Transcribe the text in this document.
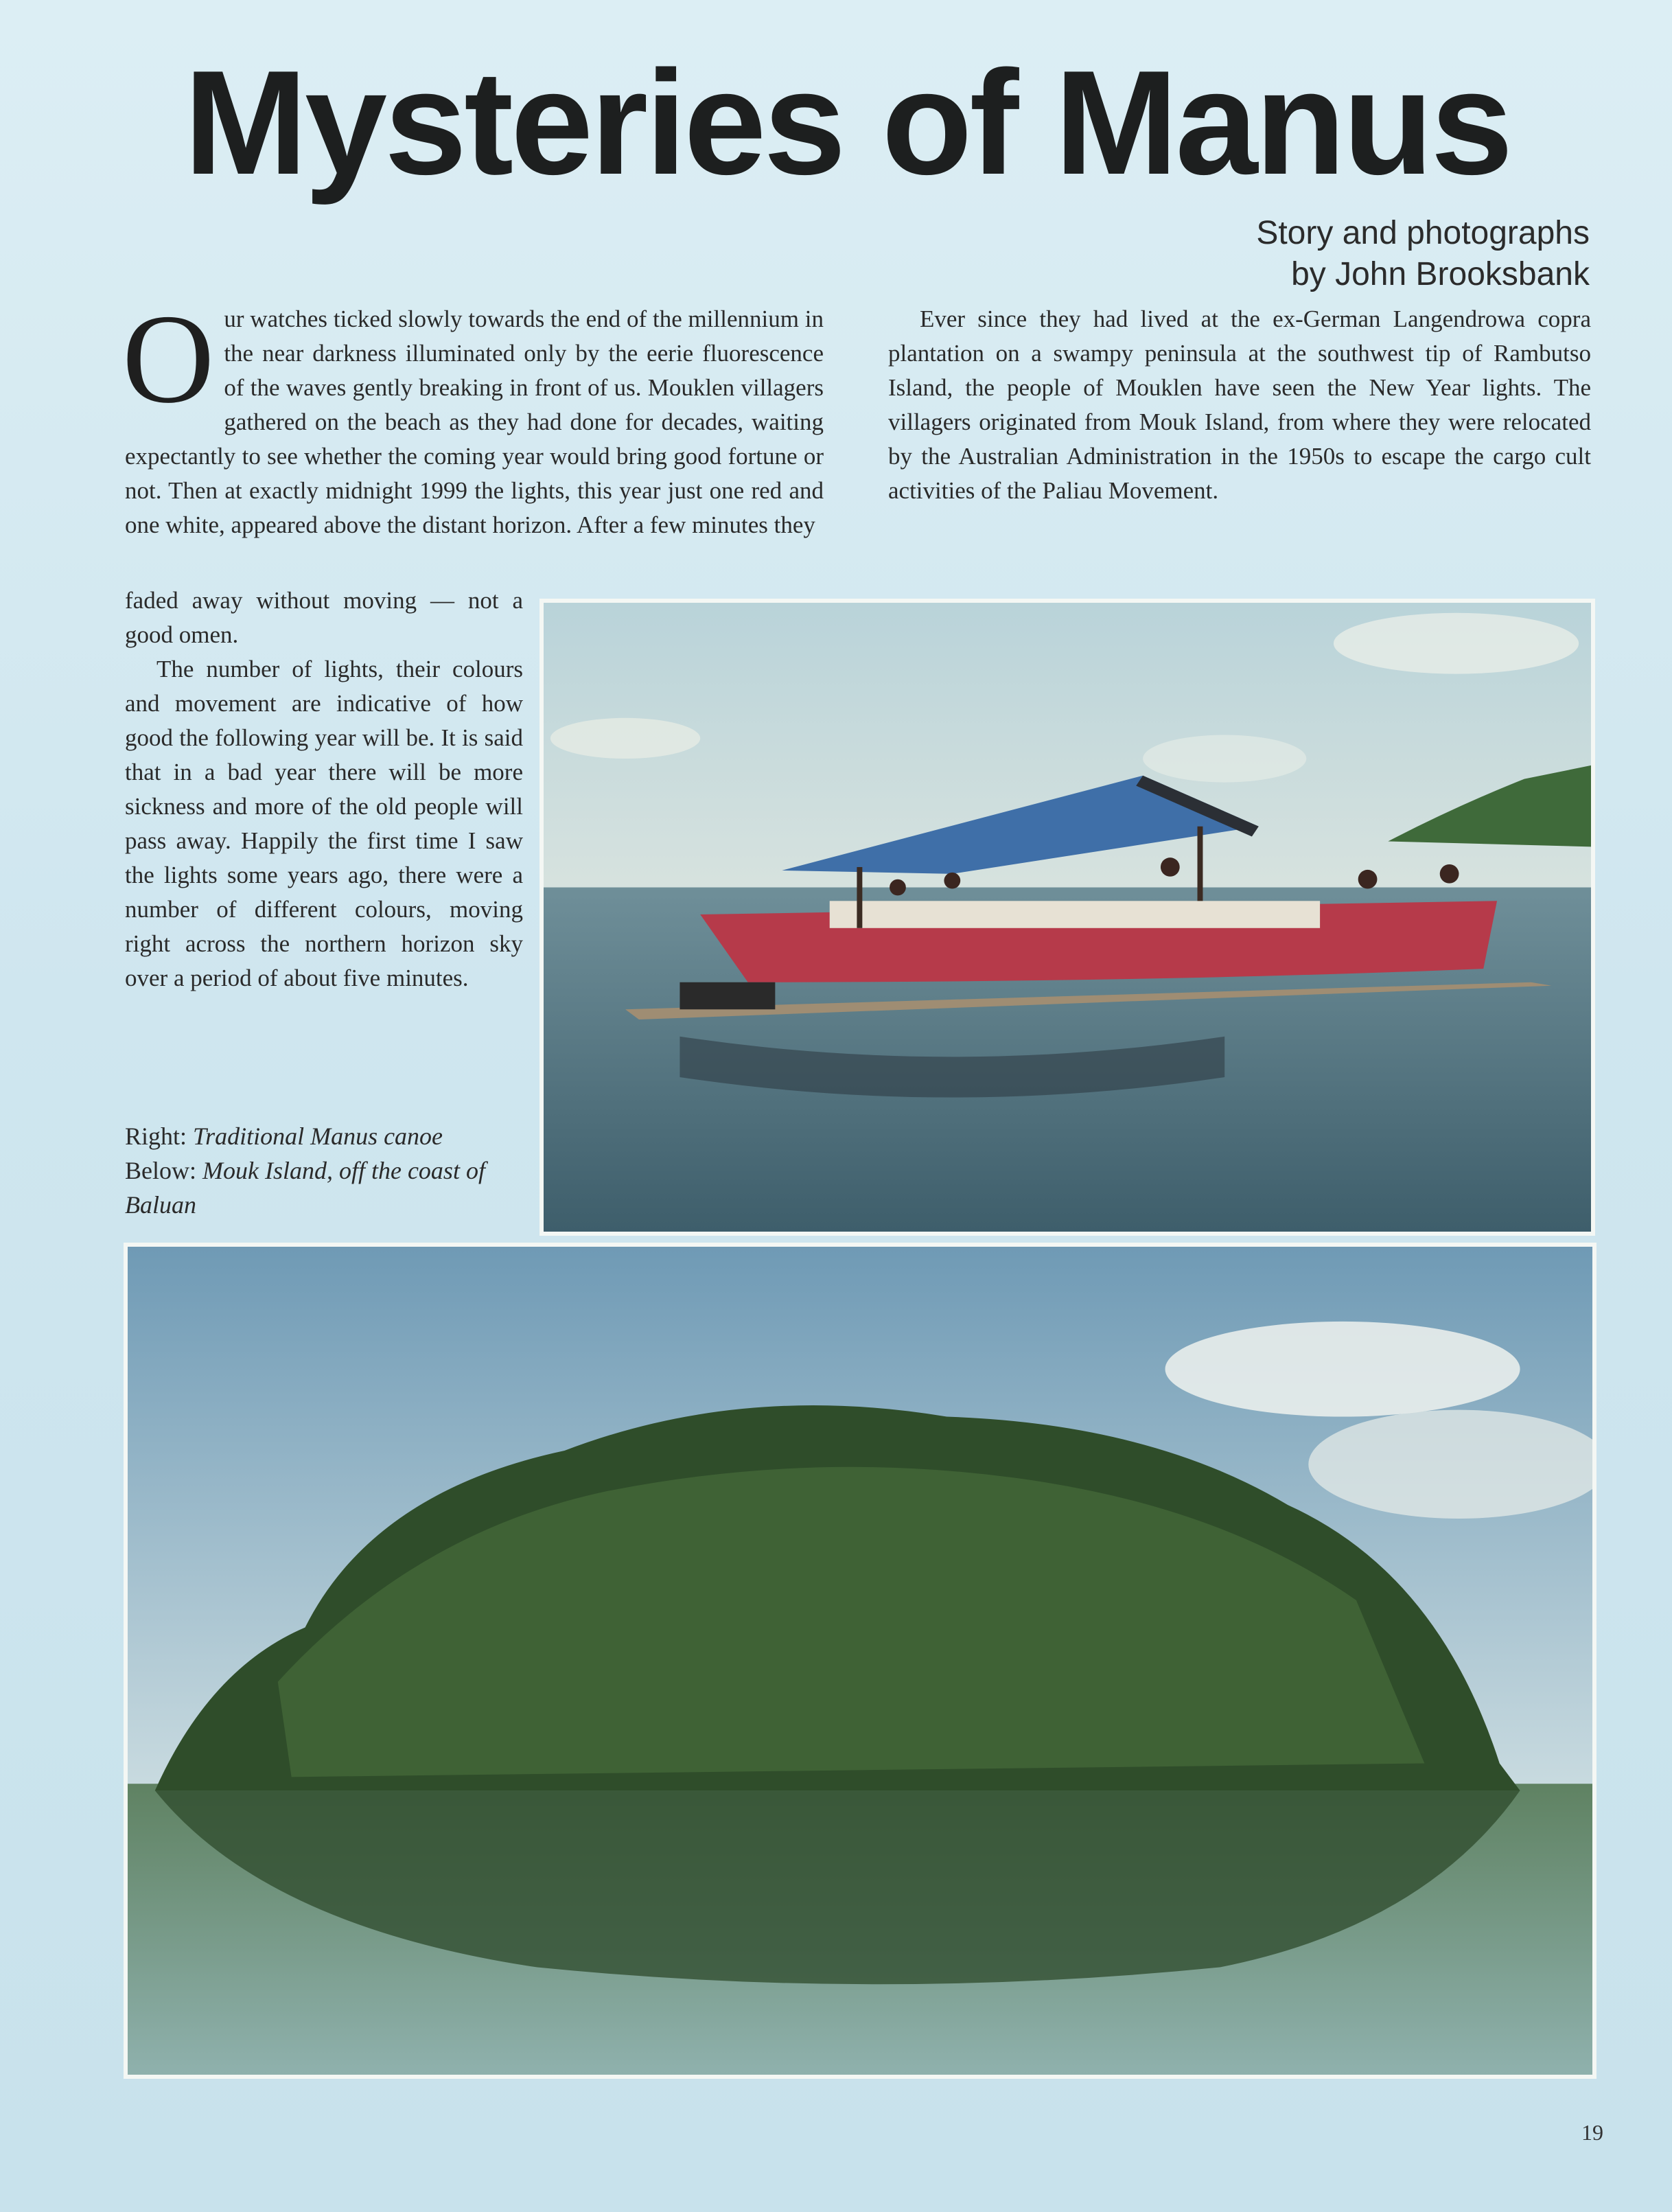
Mysteries of Manus
Story and photographs
by John Brooksbank

Our watches ticked slowly towards the end of the millennium in the near darkness illuminated only by the eerie fluorescence of the waves gently breaking in front of us. Mouklen villagers gathered on the beach as they had done for decades, waiting expectantly to see whether the coming year would bring good fortune or not. Then at exactly midnight 1999 the lights, this year just one red and one white, appeared above the distant horizon. After a few minutes they

faded away without moving — not a good omen.

The number of lights, their colours and movement are indicative of how good the following year will be. It is said that in a bad year there will be more sickness and more of the old people will pass away. Happily the first time I saw the lights some years ago, there were a number of different colours, moving right across the northern horizon sky over a period of about five minutes.

Ever since they had lived at the ex-German Langendrowa copra plantation on a swampy peninsula at the southwest tip of Rambutso Island, the people of Mouklen have seen the New Year lights. The villagers originated from Mouk Island, from where they were relocated by the Australian Administration in the 1950s to escape the cargo cult activities of the Paliau Movement.

Right: Traditional Manus canoe
Below: Mouk Island, off the coast of Baluan
19
